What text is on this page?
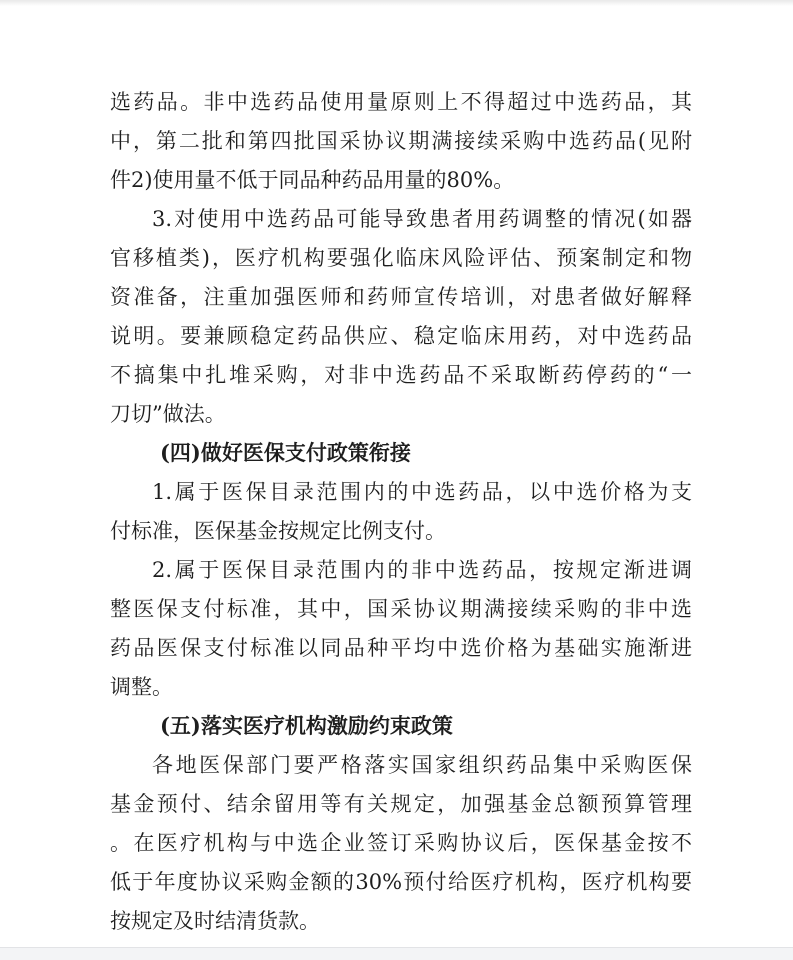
选药品。非中选药品使用量原则上不得超过中选药品，其
中，第二批和第四批国采协议期满接续采购中选药品(见附
件2)使用量不低于同品种药品用量的80%。
3.对使用中选药品可能导致患者用药调整的情况(如器
官移植类)，医疗机构要强化临床风险评估、预案制定和物
资准备，注重加强医师和药师宣传培训，对患者做好解释
说明。要兼顾稳定药品供应、稳定临床用药，对中选药品
不搞集中扎堆采购，对非中选药品不采取断药停药的“一
刀切”做法。
(四)做好医保支付政策衔接
1.属于医保目录范围内的中选药品，以中选价格为支
付标准，医保基金按规定比例支付。
2.属于医保目录范围内的非中选药品，按规定渐进调
整医保支付标准，其中，国采协议期满接续采购的非中选
药品医保支付标准以同品种平均中选价格为基础实施渐进
调整。
(五)落实医疗机构激励约束政策
各地医保部门要严格落实国家组织药品集中采购医保
基金预付、结余留用等有关规定，加强基金总额预算管理
。在医疗机构与中选企业签订采购协议后，医保基金按不
低于年度协议采购金额的30%预付给医疗机构，医疗机构要
按规定及时结清货款。
